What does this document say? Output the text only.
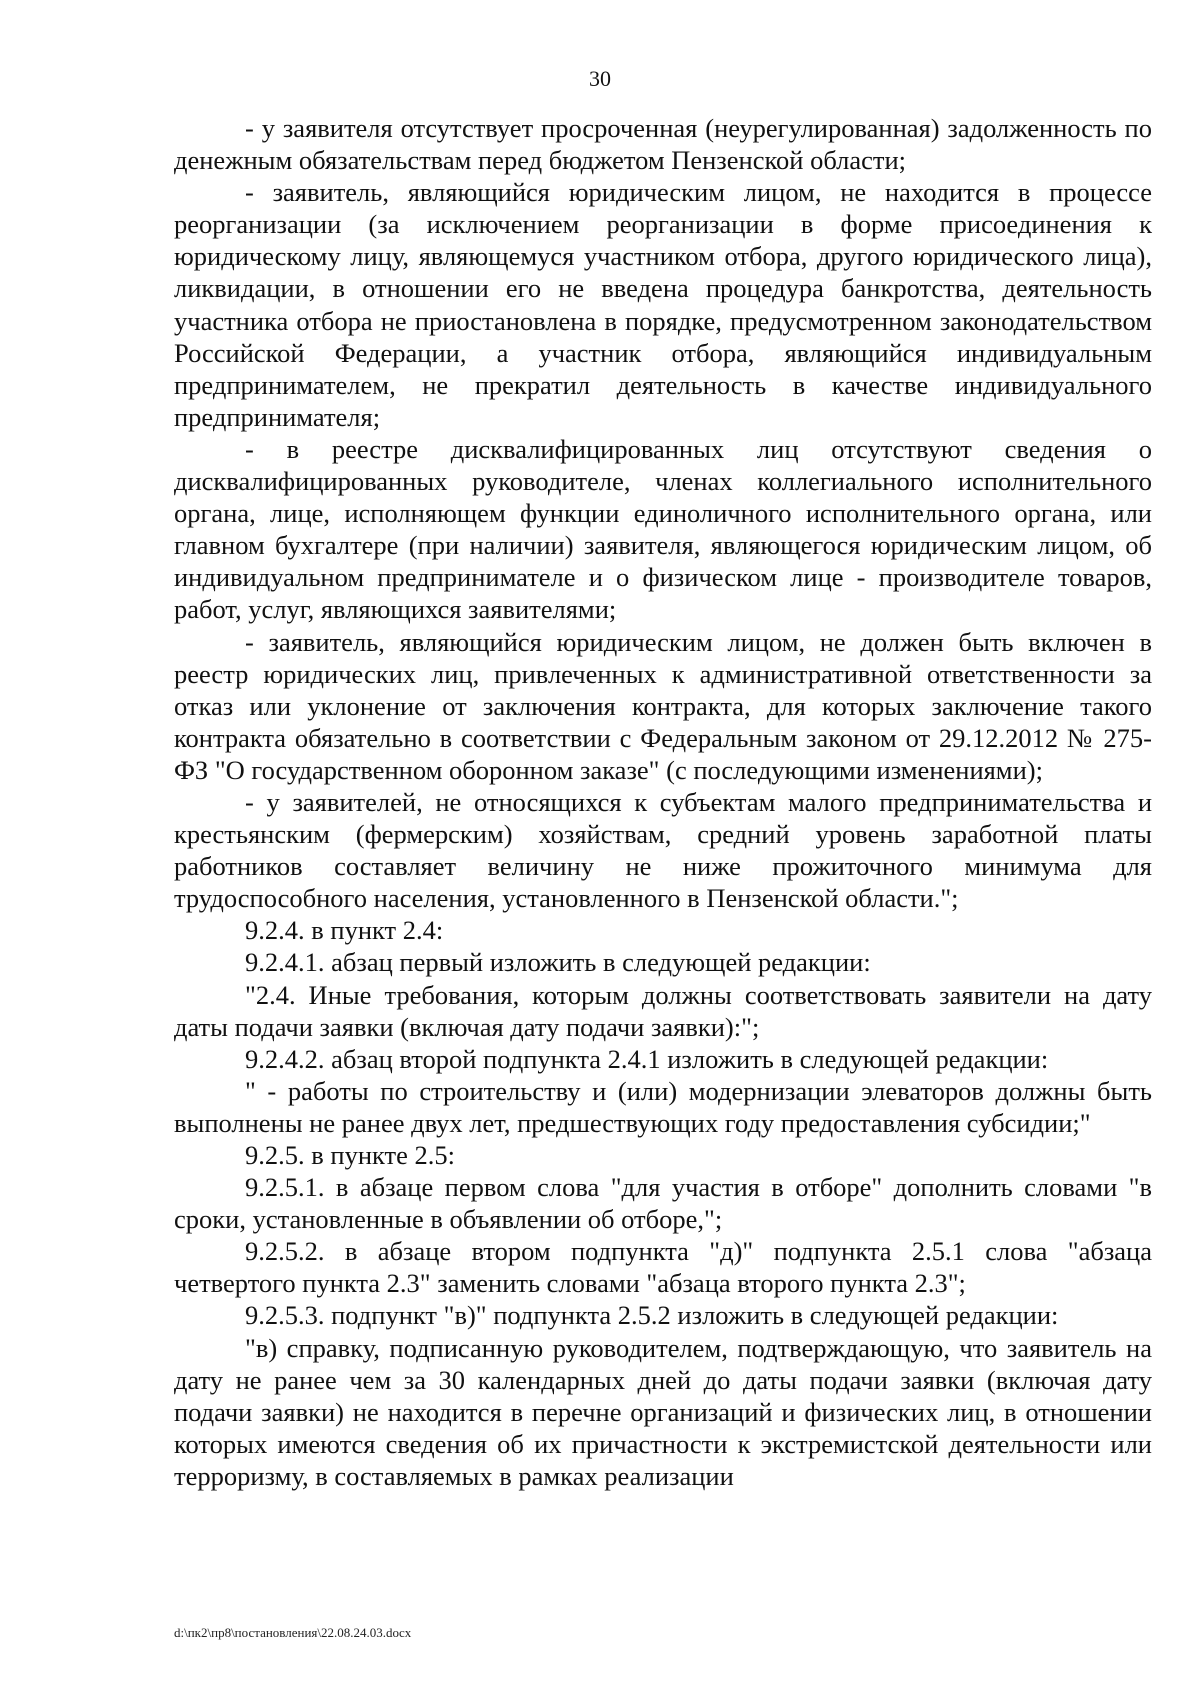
30

- у заявителя отсутствует просроченная (неурегулированная) задолженность по денежным обязательствам перед бюджетом Пензенской области;

- заявитель, являющийся юридическим лицом, не находится в процессе реорганизации (за исключением реорганизации в форме присоединения к юридическому лицу, являющемуся участником отбора, другого юридического лица), ликвидации, в отношении его не введена процедура банкротства, деятельность участника отбора не приостановлена в порядке, предусмотренном законодательством Российской Федерации, а участник отбора, являющийся индивидуальным предпринимателем, не прекратил деятельность в качестве индивидуального предпринимателя;

- в реестре дисквалифицированных лиц отсутствуют сведения о дисквалифицированных руководителе, членах коллегиального исполнительного органа, лице, исполняющем функции единоличного исполнительного органа, или главном бухгалтере (при наличии) заявителя, являющегося юридическим лицом, об индивидуальном предпринимателе и о физическом лице - производителе товаров, работ, услуг, являющихся заявителями;

- заявитель, являющийся юридическим лицом, не должен быть включен в реестр юридических лиц, привлеченных к административной ответственности за отказ или уклонение от заключения контракта, для которых заключение такого контракта обязательно в соответствии с Федеральным законом от 29.12.2012 № 275-ФЗ "О государственном оборонном заказе" (с последующими изменениями);

- у заявителей, не относящихся к субъектам малого предпринимательства и крестьянским (фермерским) хозяйствам, средний уровень заработной платы работников составляет величину не ниже прожиточного минимума для трудоспособного населения, установленного в Пензенской области.";

9.2.4. в пункт 2.4:

9.2.4.1. абзац первый изложить в следующей редакции:

"2.4. Иные требования, которым должны соответствовать заявители на дату даты подачи заявки (включая дату подачи заявки):";

9.2.4.2. абзац второй подпункта 2.4.1 изложить в следующей редакции:

" - работы по строительству и (или) модернизации элеваторов должны быть выполнены не ранее двух лет, предшествующих году предоставления субсидии;"

9.2.5. в пункте 2.5:

9.2.5.1. в абзаце первом слова "для участия в отборе" дополнить словами "в сроки, установленные в объявлении об отборе,";

9.2.5.2. в абзаце втором подпункта "д)" подпункта 2.5.1 слова "абзаца четвертого пункта 2.3" заменить словами "абзаца второго пункта 2.3";

9.2.5.3. подпункт "в)" подпункта 2.5.2 изложить в следующей редакции:

"в) справку, подписанную руководителем, подтверждающую, что заявитель на дату не ранее чем за 30 календарных дней до даты подачи заявки (включая дату подачи заявки) не находится в перечне организаций и физических лиц, в отношении которых имеются сведения об их причастности к экстремистской деятельности или терроризму, в составляемых в рамках реализации

d:\пк2\пр8\постановления\22.08.24.03.docx
